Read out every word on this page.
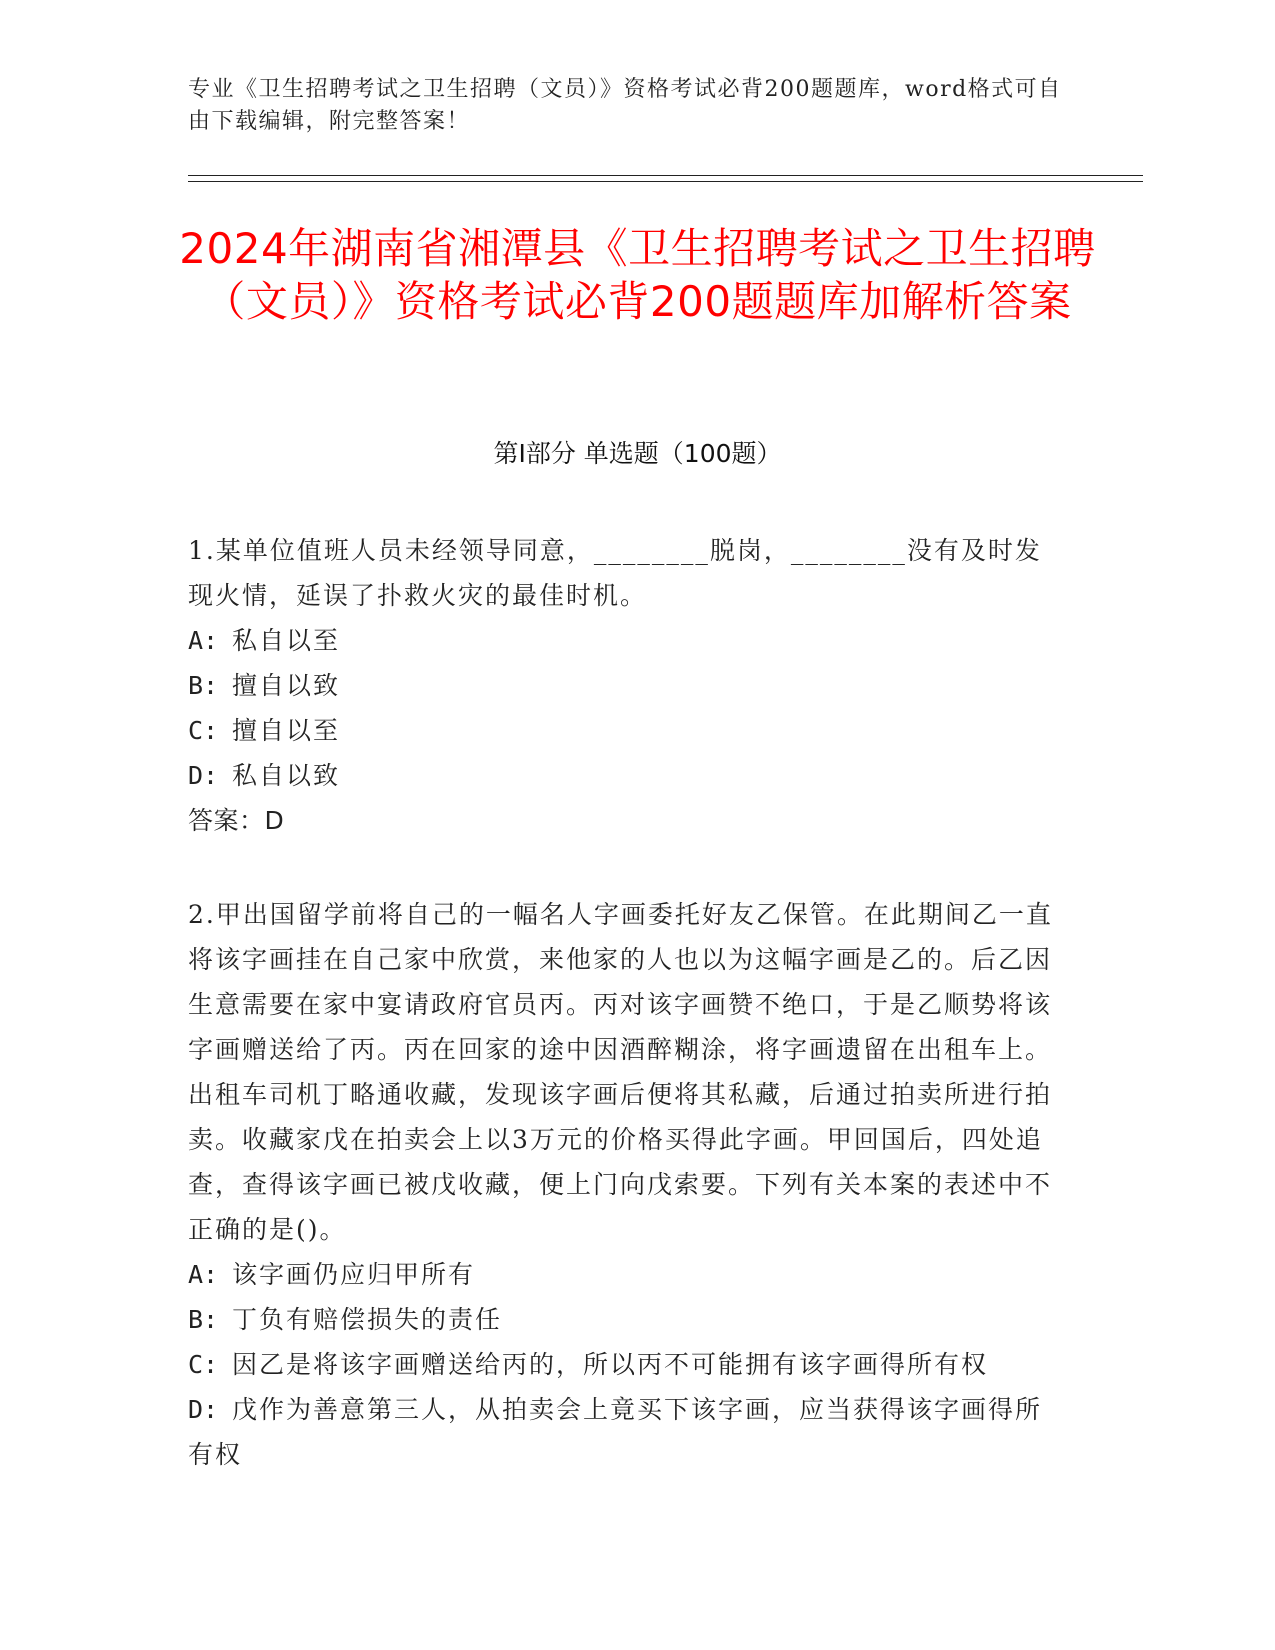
专业《卫生招聘考试之卫生招聘（文员）》资格考试必背200题题库，word格式可自由下载编辑，附完整答案！
2024年湖南省湘潭县《卫生招聘考试之卫生招聘（文员）》资格考试必背200题题库加解析答案
第I部分 单选题（100题）

1.某单位值班人员未经领导同意，________脱岗，________没有及时发现火情，延误了扑救火灾的最佳时机。

A: 私自以至

B: 擅自以致

C: 擅自以至

D: 私自以致

答案：D

2.甲出国留学前将自己的一幅名人字画委托好友乙保管。在此期间乙一直将该字画挂在自己家中欣赏，来他家的人也以为这幅字画是乙的。后乙因生意需要在家中宴请政府官员丙。丙对该字画赞不绝口，于是乙顺势将该字画赠送给了丙。丙在回家的途中因酒醉糊涂，将字画遗留在出租车上。出租车司机丁略通收藏，发现该字画后便将其私藏，后通过拍卖所进行拍卖。收藏家戊在拍卖会上以3万元的价格买得此字画。甲回国后，四处追查，查得该字画已被戊收藏，便上门向戊索要。下列有关本案的表述中不正确的是()。

A: 该字画仍应归甲所有

B: 丁负有赔偿损失的责任

C: 因乙是将该字画赠送给丙的，所以丙不可能拥有该字画得所有权

D: 戊作为善意第三人，从拍卖会上竟买下该字画，应当获得该字画得所有权
